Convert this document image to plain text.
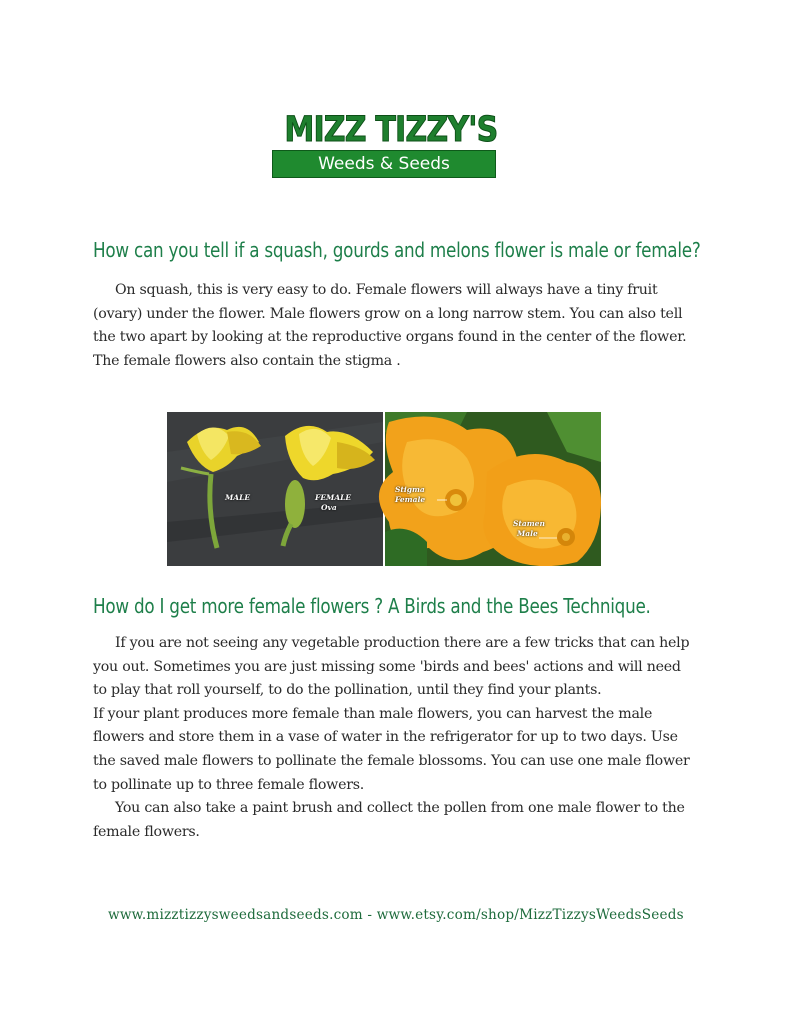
MIZZ TIZZY'S
Weeds & Seeds
How can you tell if a squash, gourds and melons flower is male or female?

On squash, this is very easy to do. Female flowers will always have a tiny fruit (ovary) under the flower. Male flowers grow on a long narrow stem. You can also tell the two apart by looking at the reproductive organs found in the center of the flower. The female flowers also contain the stigma .

MALE	FEMALE
Ova
Stigma
Female
Stamen
Male
How do I get more female flowers ? A Birds and the Bees Technique.

If you are not seeing any vegetable production there are a few tricks that can help you out. Sometimes you are just missing some 'birds and bees' actions and will need to play that roll yourself, to do the pollination, until they find your plants.

If your plant produces more female than male flowers, you can harvest the male flowers and store them in a vase of water in the refrigerator for up to two days. Use the saved male flowers to pollinate the female blossoms. You can use one male flower to pollinate up to three female flowers.

You can also take a paint brush and collect the pollen from one male flower to the female flowers.

www.mizztizzysweedsandseeds.com - www.etsy.com/shop/MizzTizzysWeedsSeeds
